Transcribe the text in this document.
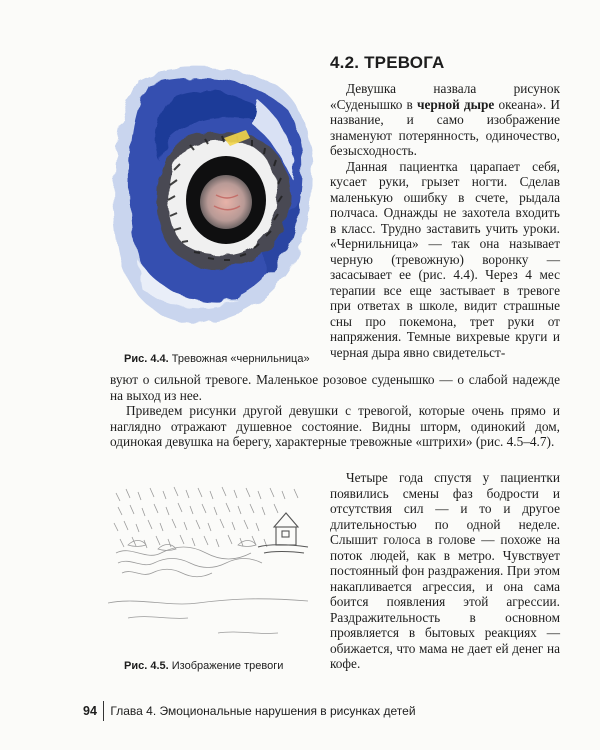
Рис. 4.4. Тревожная «чернильница»
4.2. ТРЕВОГА

Девушка назвала рисунок «Суденышко в черной дыре океана». И название, и само изображение знаменуют потерянность, одиночество, безысходность.

Данная пациентка царапает себя, кусает руки, грызет ногти. Сделав маленькую ошибку в счете, рыдала полчаса. Однажды не захотела входить в класс. Трудно заставить учить уроки. «Чернильница» — так она называет черную (тревожную) воронку — засасывает ее (рис. 4.4). Через 4 мес терапии все еще застывает в тревоге при ответах в школе, видит страшные сны про покемона, трет руки от напряжения. Темные вихревые круги и черная дыра явно свидетельст-

вуют о сильной тревоге. Маленькое розовое суденышко — о слабой надежде на выход из нее.

Приведем рисунки другой девушки с тревогой, которые очень прямо и наглядно отражают душевное состояние. Видны шторм, одинокий дом, одинокая девушка на берегу, характерные тревожные «штрихи» (рис. 4.5–4.7).

Рис. 4.5. Изображение тревоги

Четыре года спустя у пациентки появились смены фаз бодрости и отсутствия сил — и то и другое длительностью по одной неделе. Слышит голоса в голове — похоже на поток людей, как в метро. Чувствует постоянный фон раздражения. При этом накапливается агрессия, и она сама боится появления этой агрессии. Раздражительность в основном проявляется в бытовых реакциях — обижается, что мама не дает ей денег на кофе.

94	Глава 4. Эмоциональные нарушения в рисунках детей
